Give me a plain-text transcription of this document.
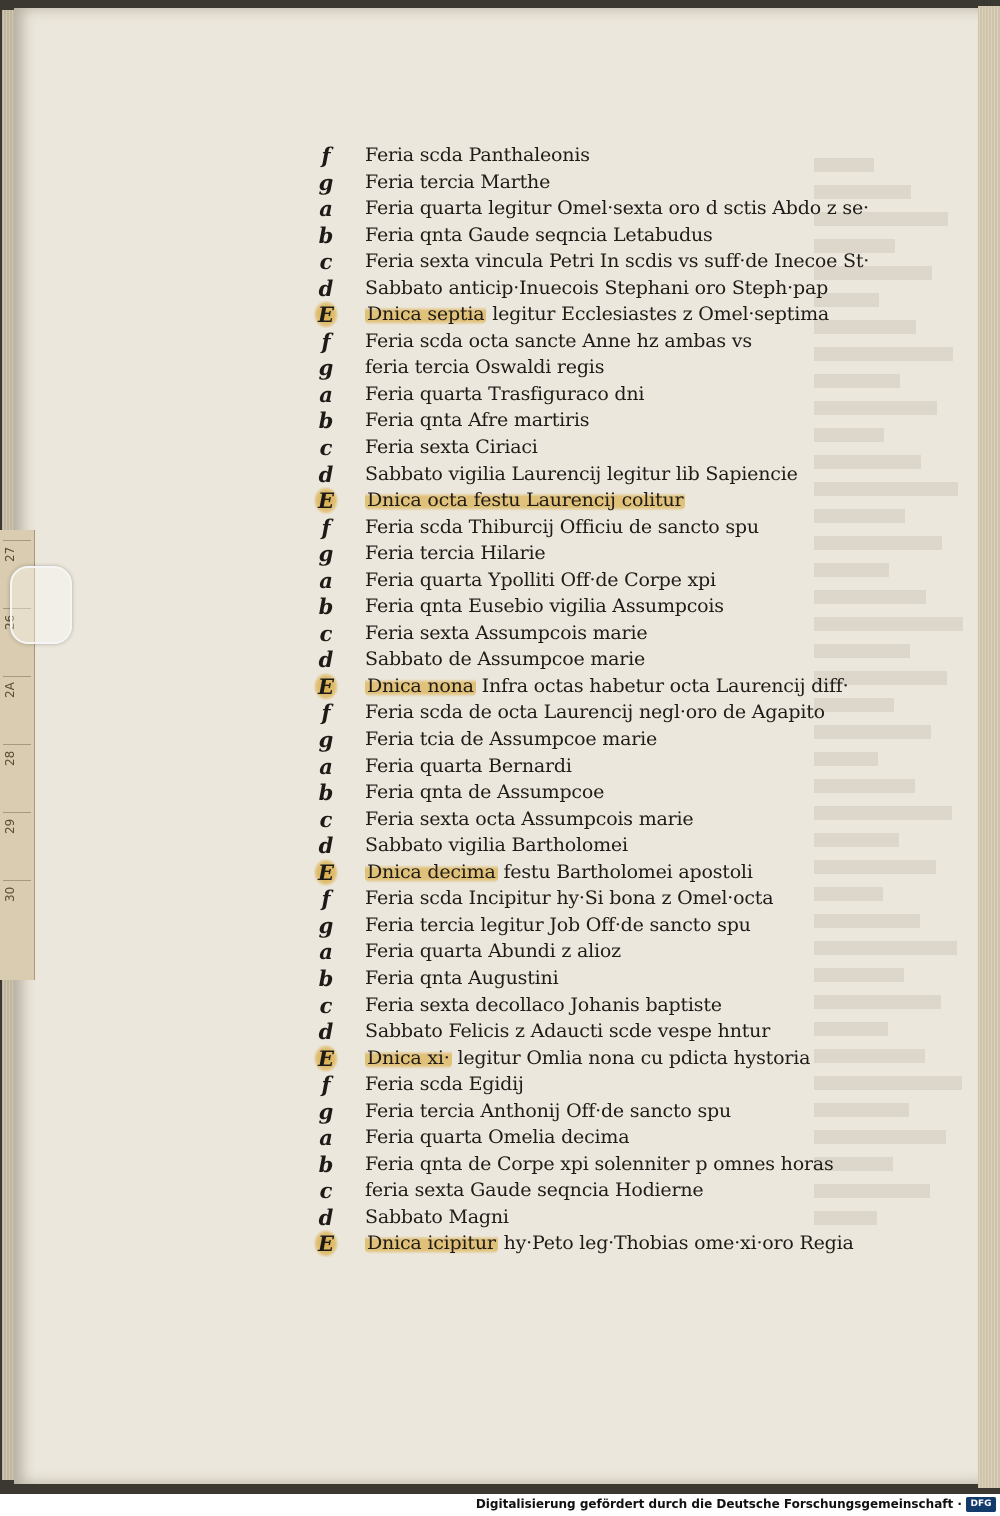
27
26
2A
28
29
30
f	Feria scda Panthaleonis
g Feria tercia Marthe
a Feria quarta legitur Omel·sexta oro d sctis Abdo z se·
b Feria qnta Gaude seqncia Letabudus
c Feria sexta vincula Petri In scdis vs suff·de Inecoe St·
d Sabbato anticip·Inuecois Stephani oro Steph·pap
E Dnica septia legitur Ecclesiastes z Omel·septima
f	Feria scda octa sancte Anne hz ambas vs
g feria tercia Oswaldi regis
a Feria quarta Trasfiguraco dni
b Feria qnta Afre martiris
c Feria sexta Ciriaci
d Sabbato vigilia Laurencij legitur lib Sapiencie
E Dnica octa festu Laurencij colitur
f	Feria scda Thiburcij Officiu de sancto spu
g Feria tercia Hilarie
a Feria quarta Ypolliti Off·de Corpe xpi
b Feria qnta Eusebio vigilia Assumpcois
c Feria sexta Assumpcois marie
d Sabbato de Assumpcoe marie
E Dnica nona Infra octas habetur octa Laurencij diff·
f	Feria scda de octa Laurencij negl·oro de Agapito
g Feria tcia de Assumpcoe marie
a Feria quarta Bernardi
b Feria qnta de Assumpcoe
c Feria sexta octa Assumpcois marie
d Sabbato vigilia Bartholomei
E Dnica decima festu Bartholomei apostoli
f	Feria scda Incipitur hy·Si bona z Omel·octa
g Feria tercia legitur Job Off·de sancto spu
a Feria quarta Abundi z alioz
b Feria qnta Augustini
c Feria sexta decollaco Johanis baptiste
d Sabbato Felicis z Adaucti scde vespe hntur
E Dnica xi· legitur Omlia nona cu pdicta hystoria
f	Feria scda Egidij
g Feria tercia Anthonij Off·de sancto spu
a Feria quarta Omelia decima
b Feria qnta de Corpe xpi solenniter p omnes horas
c feria sexta Gaude seqncia Hodierne
d Sabbato Magni
E Dnica icipitur hy·Peto leg·Thobias ome·xi·oro Regia
Digitalisierung gefördert durch die Deutsche Forschungsgemeinschaft · DFG
